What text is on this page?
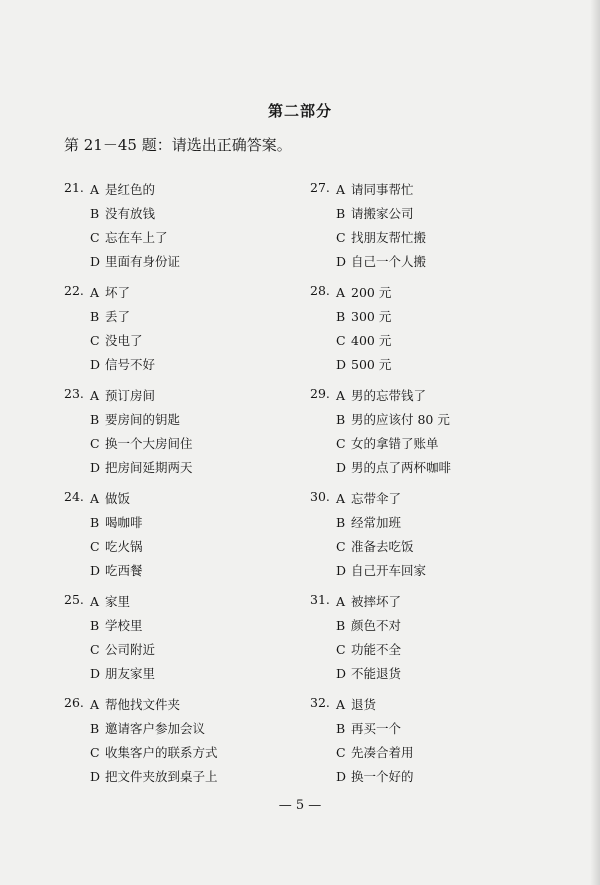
第二部分
第 21－45 题：请选出正确答案。
21. A 是红色的
B 没有放钱
C 忘在车上了
D 里面有身份证
22. A 坏了
B 丢了
C 没电了
D 信号不好
23. A 预订房间
B 要房间的钥匙
C 换一个大房间住
D 把房间延期两天
24. A 做饭
B 喝咖啡
C 吃火锅
D 吃西餐
25. A 家里
B 学校里
C 公司附近
D 朋友家里
26. A 帮他找文件夹
B 邀请客户参加会议
C 收集客户的联系方式
D 把文件夹放到桌子上
27. A 请同事帮忙
B 请搬家公司
C 找朋友帮忙搬
D 自己一个人搬
28. A 200 元
B 300 元
C 400 元
D 500 元
29. A 男的忘带钱了
B 男的应该付 80 元
C 女的拿错了账单
D 男的点了两杯咖啡
30. A 忘带伞了
B 经常加班
C 准备去吃饭
D 自己开车回家
31. A 被摔坏了
B 颜色不对
C 功能不全
D 不能退货
32. A 退货
B 再买一个
C 先凑合着用
D 换一个好的
— 5 —
